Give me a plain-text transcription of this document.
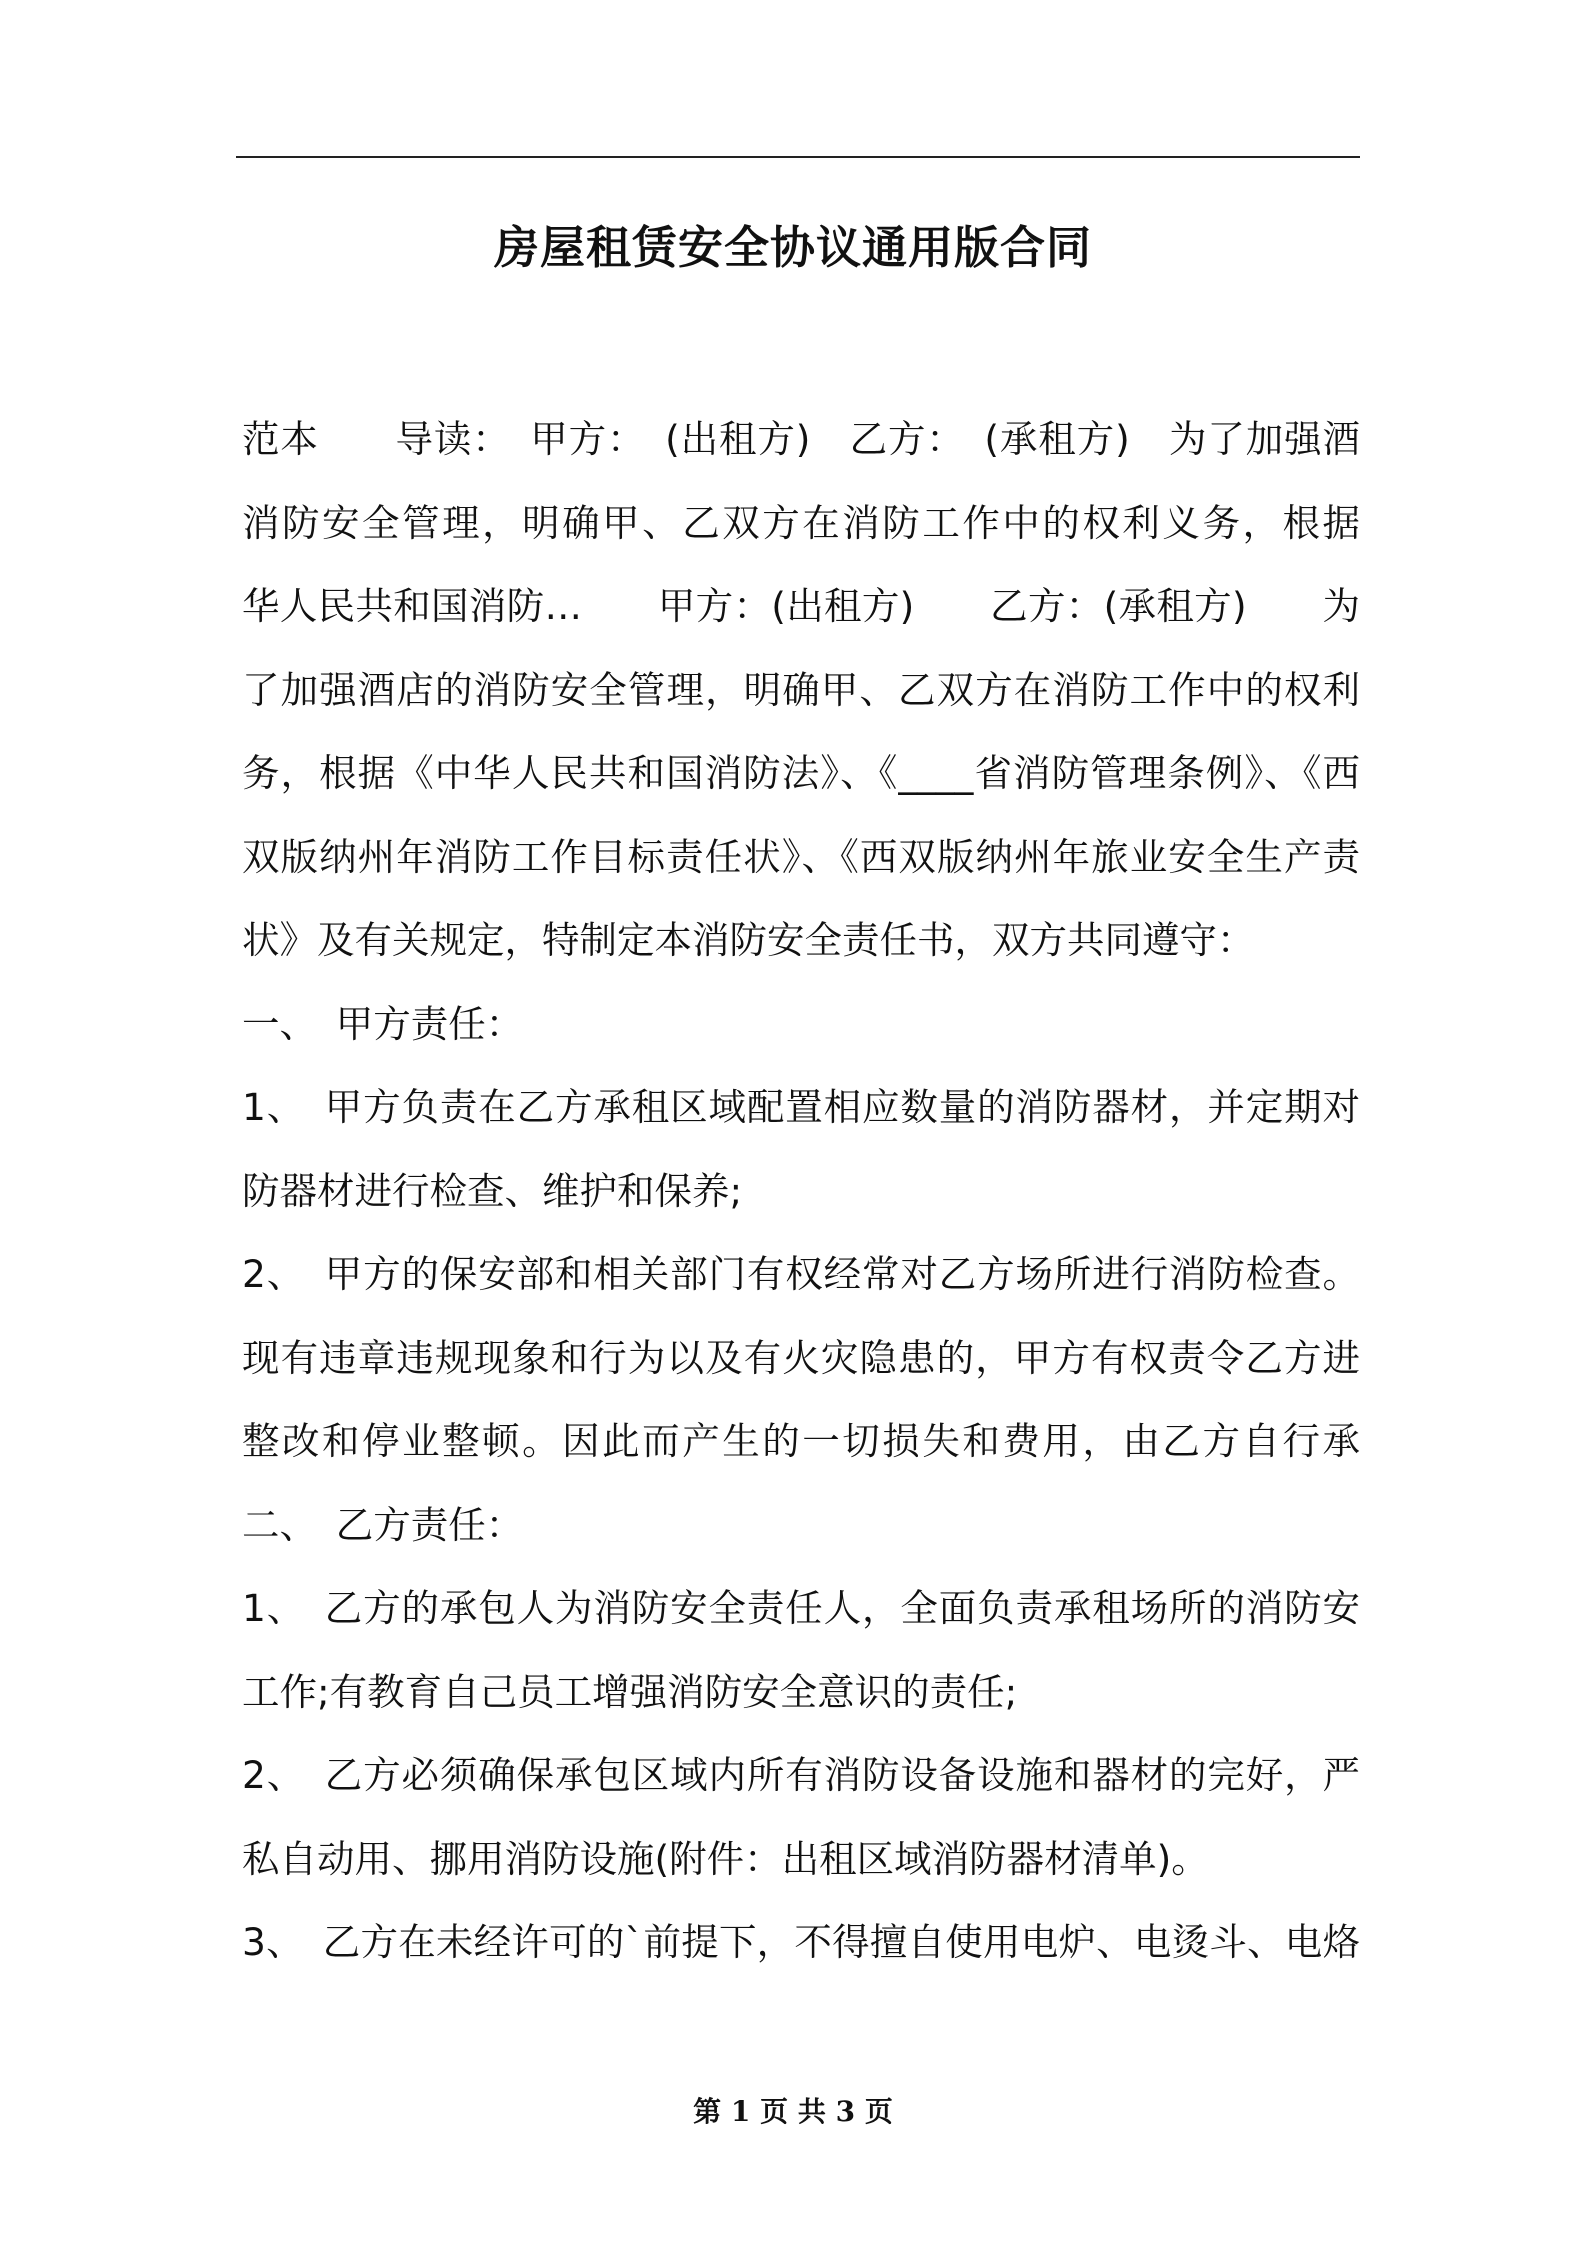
房屋租赁安全协议通用版合同
范本　　导读：　甲方：　(出租方)　乙方：　(承租方)　为了加强酒
消防安全管理，明确甲、乙双方在消防工作中的权利义务，根据
华人民共和国消防…　　甲方：(出租方)　　乙方：(承租方)　　为
了加强酒店的消防安全管理，明确甲、乙双方在消防工作中的权利
务，根据《中华人民共和国消防法》、《____省消防管理条例》、《西
双版纳州年消防工作目标责任状》、《西双版纳州年旅业安全生产责
状》及有关规定，特制定本消防安全责任书，双方共同遵守：
一、　甲方责任：
1、　甲方负责在乙方承租区域配置相应数量的消防器材，并定期对
防器材进行检查、维护和保养;
2、　甲方的保安部和相关部门有权经常对乙方场所进行消防检查。
现有违章违规现象和行为以及有火灾隐患的，甲方有权责令乙方进
整改和停业整顿。因此而产生的一切损失和费用，由乙方自行承
二、　乙方责任：
1、　乙方的承包人为消防安全责任人，全面负责承租场所的消防安
工作;有教育自己员工增强消防安全意识的责任;
2、　乙方必须确保承包区域内所有消防设备设施和器材的完好，严
私自动用、挪用消防设施(附件：出租区域消防器材清单)。
3、　乙方在未经许可的`前提下，不得擅自使用电炉、电烫斗、电烙
第 1 页 共 3 页
